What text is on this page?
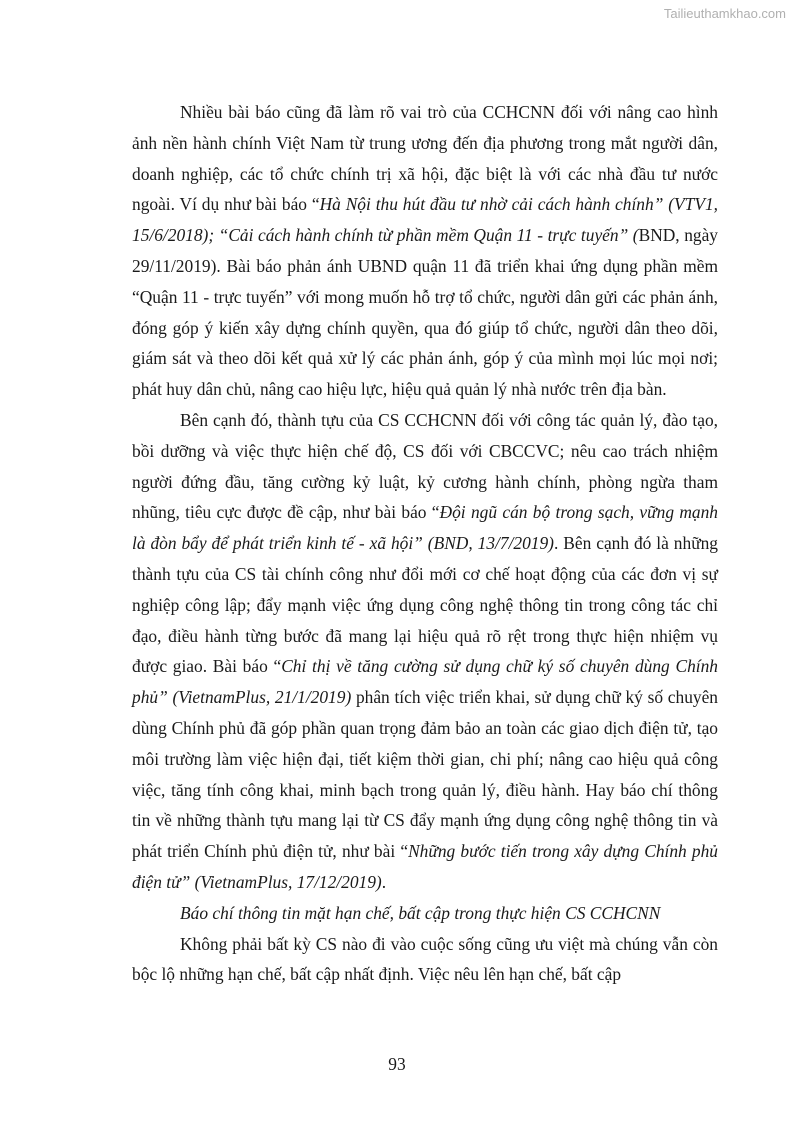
Tailieuthamkhao.com

Nhiều bài báo cũng đã làm rõ vai trò của CCHCNN đối với nâng cao hình ảnh nền hành chính Việt Nam từ trung ương đến địa phương trong mắt người dân, doanh nghiệp, các tổ chức chính trị xã hội, đặc biệt là với các nhà đầu tư nước ngoài. Ví dụ như bài báo “Hà Nội thu hút đầu tư nhờ cải cách hành chính” (VTV1, 15/6/2018); “Cải cách hành chính từ phần mềm Quận 11 - trực tuyến” (BND, ngày 29/11/2019). Bài báo phản ánh UBND quận 11 đã triển khai ứng dụng phần mềm “Quận 11 - trực tuyến” với mong muốn hỗ trợ tổ chức, người dân gửi các phản ánh, đóng góp ý kiến xây dựng chính quyền, qua đó giúp tổ chức, người dân theo dõi, giám sát và theo dõi kết quả xử lý các phản ánh, góp ý của mình mọi lúc mọi nơi; phát huy dân chủ, nâng cao hiệu lực, hiệu quả quản lý nhà nước trên địa bàn.

Bên cạnh đó, thành tựu của CS CCHCNN đối với công tác quản lý, đào tạo, bồi dưỡng và việc thực hiện chế độ, CS đối với CBCCVC; nêu cao trách nhiệm người đứng đầu, tăng cường kỷ luật, kỷ cương hành chính, phòng ngừa tham nhũng, tiêu cực được đề cập, như bài báo “Đội ngũ cán bộ trong sạch, vững mạnh là đòn bẩy để phát triển kinh tế - xã hội” (BND, 13/7/2019). Bên cạnh đó là những thành tựu của CS tài chính công như đổi mới cơ chế hoạt động của các đơn vị sự nghiệp công lập; đẩy mạnh việc ứng dụng công nghệ thông tin trong công tác chỉ đạo, điều hành từng bước đã mang lại hiệu quả rõ rệt trong thực hiện nhiệm vụ được giao. Bài báo “Chỉ thị về tăng cường sử dụng chữ ký số chuyên dùng Chính phủ” (VietnamPlus, 21/1/2019) phân tích việc triển khai, sử dụng chữ ký số chuyên dùng Chính phủ đã góp phần quan trọng đảm bảo an toàn các giao dịch điện tử, tạo môi trường làm việc hiện đại, tiết kiệm thời gian, chi phí; nâng cao hiệu quả công việc, tăng tính công khai, minh bạch trong quản lý, điều hành. Hay báo chí thông tin về những thành tựu mang lại từ CS đẩy mạnh ứng dụng công nghệ thông tin và phát triển Chính phủ điện tử, như bài “Những bước tiến trong xây dựng Chính phủ điện tử” (VietnamPlus, 17/12/2019).

Báo chí thông tin mặt hạn chế, bất cập trong thực hiện CS CCHCNN

Không phải bất kỳ CS nào đi vào cuộc sống cũng ưu việt mà chúng vẫn còn bộc lộ những hạn chế, bất cập nhất định. Việc nêu lên hạn chế, bất cập

93
